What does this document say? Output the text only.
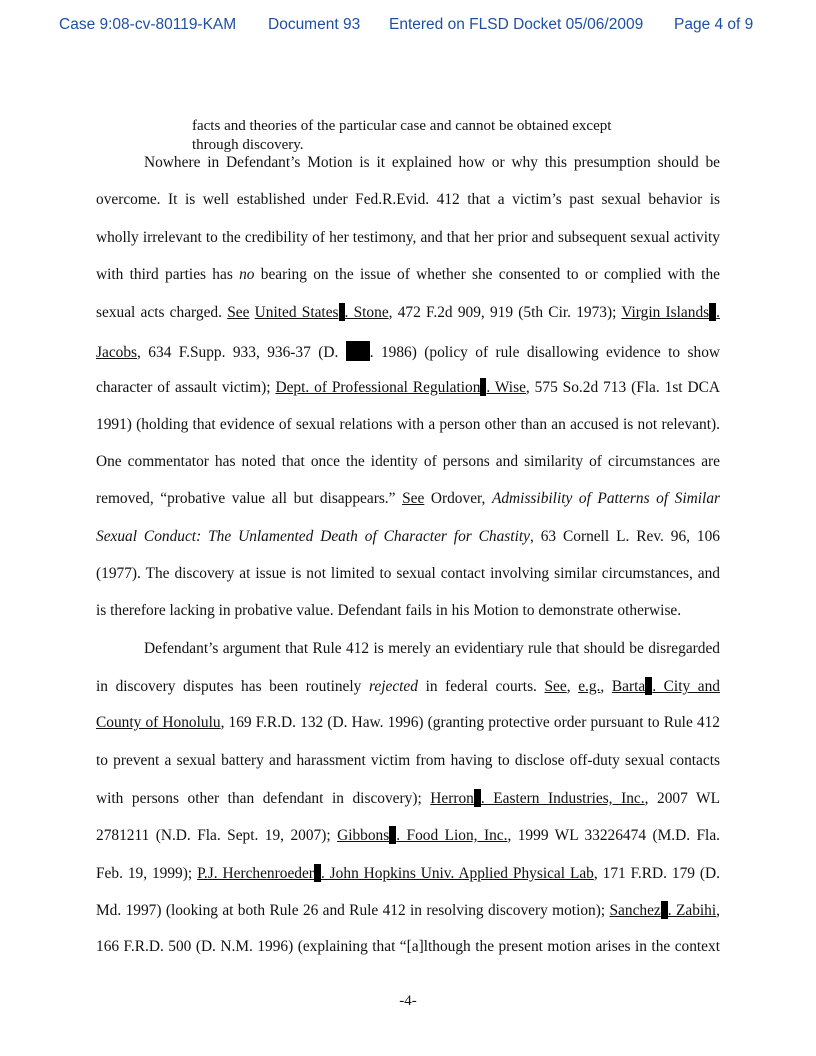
Case 9:08-cv-80119-KAM Document 93 Entered on FLSD Docket 05/06/2009 Page 4 of 9
facts and theories of the particular case and cannot be obtained except
through discovery.
Nowhere in Defendant’s Motion is it explained how or why this presumption should be
overcome. It is well established under Fed.R.Evid. 412 that a victim’s past sexual behavior is
wholly irrelevant to the credibility of her testimony, and that her prior and subsequent sexual activity
with third parties has no bearing on the issue of whether she consented to or complied with the
sexual acts charged. See United States . Stone, 472 F.2d 909, 919 (5th Cir. 1973); Virgin Islands .
Jacobs, 634 F.Supp. 933, 936-37 (D. . 1986) (policy of rule disallowing evidence to show
character of assault victim); Dept. of Professional Regulation . Wise, 575 So.2d 713 (Fla. 1st DCA
1991) (holding that evidence of sexual relations with a person other than an accused is not relevant).
One commentator has noted that once the identity of persons and similarity of circumstances are
removed, “probative value all but disappears.” See Ordover, Admissibility of Patterns of Similar
Sexual Conduct: The Unlamented Death of Character for Chastity, 63 Cornell L. Rev. 96, 106
(1977). The discovery at issue is not limited to sexual contact involving similar circumstances, and
is therefore lacking in probative value. Defendant fails in his Motion to demonstrate otherwise.
Defendant’s argument that Rule 412 is merely an evidentiary rule that should be disregarded
in discovery disputes has been routinely rejected in federal courts. See, e.g., Barta . City and
County of Honolulu, 169 F.R.D. 132 (D. Haw. 1996) (granting protective order pursuant to Rule 412
to prevent a sexual battery and harassment victim from having to disclose off-duty sexual contacts
with persons other than defendant in discovery); Herron . Eastern Industries, Inc., 2007 WL
2781211 (N.D. Fla. Sept. 19, 2007); Gibbons . Food Lion, Inc., 1999 WL 33226474 (M.D. Fla.
Feb. 19, 1999); P.J. Herchenroeder . John Hopkins Univ. Applied Physical Lab, 171 F.RD. 179 (D.
Md. 1997) (looking at both Rule 26 and Rule 412 in resolving discovery motion); Sanchez . Zabihi,
166 F.R.D. 500 (D. N.M. 1996) (explaining that “[a]lthough the present motion arises in the context
-4-
